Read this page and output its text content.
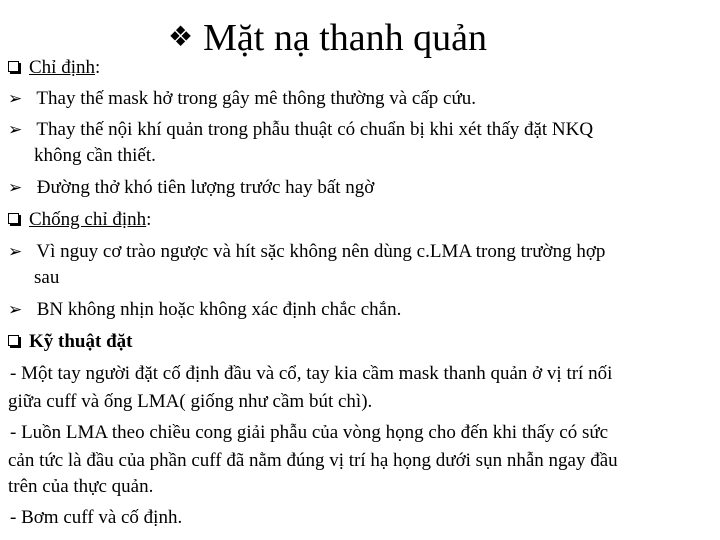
❖ Mặt nạ thanh quản
Chỉ định:
➢ Thay thế mask hở trong gây mê thông thường và cấp cứu.
➢ Thay thế nội khí quản trong phẫu thuật có chuẩn bị khi xét thấy đặt NKQ
không cần thiết.
➢ Đường thở khó tiên lượng trước hay bất ngờ
Chống chỉ định:
➢ Vì nguy cơ trào ngược và hít sặc không nên dùng c.LMA trong trường hợp
sau
➢ BN không nhịn hoặc không xác định chắc chắn.
Kỹ thuật đặt
- Một tay người đặt cố định đầu và cổ, tay kia cầm mask thanh quản ở vị trí nối
giữa cuff và ống LMA( giống như cầm bút chì).
- Luồn LMA theo chiều cong giải phẫu của vòng họng cho đến khi thấy có sức
cản tức là đầu của phần cuff đã nằm đúng vị trí hạ họng dưới sụn nhẫn ngay đầu
trên của thực quản.
- Bơm cuff và cố định.
